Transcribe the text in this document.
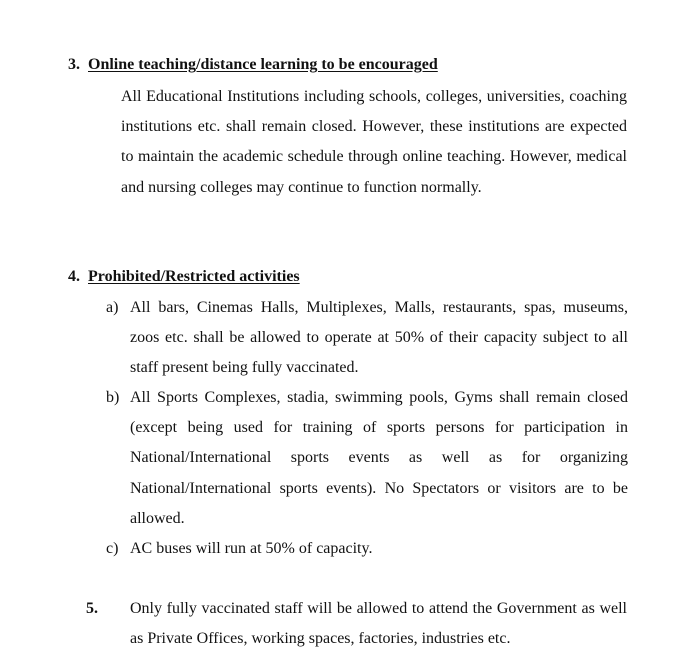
3. Online teaching/distance learning to be encouraged
All Educational Institutions including schools, colleges, universities, coaching institutions etc. shall remain closed. However, these institutions are expected to maintain the academic schedule through online teaching. However, medical and nursing colleges may continue to function normally.
4. Prohibited/Restricted activities
a) All bars, Cinemas Halls, Multiplexes, Malls, restaurants, spas, museums, zoos etc. shall be allowed to operate at 50% of their capacity subject to all staff present being fully vaccinated.
b) All Sports Complexes, stadia, swimming pools, Gyms shall remain closed (except being used for training of sports persons for participation in National/International sports events as well as for organizing National/International sports events). No Spectators or visitors are to be allowed.
c) AC buses will run at 50% of capacity.
5. Only fully vaccinated staff will be allowed to attend the Government as well as Private Offices, working spaces, factories, industries etc.
